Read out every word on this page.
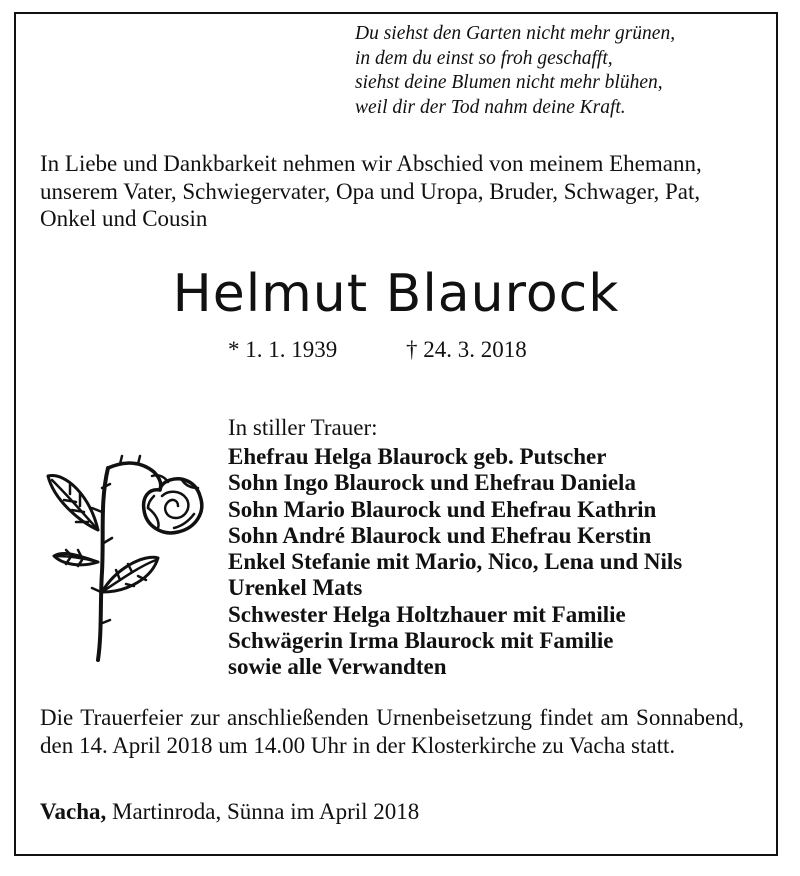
Du siehst den Garten nicht mehr grünen,
in dem du einst so froh geschafft,
siehst deine Blumen nicht mehr blühen,
weil dir der Tod nahm deine Kraft.
In Liebe und Dankbarkeit nehmen wir Abschied von meinem Ehemann, unserem Vater, Schwiegervater, Opa und Uropa, Bruder, Schwager, Pat, Onkel und Cousin
Helmut Blaurock
* 1. 1. 1939	† 24. 3. 2018
In stiller Trauer:
Ehefrau Helga Blaurock geb. Putscher
Sohn Ingo Blaurock und Ehefrau Daniela
Sohn Mario Blaurock und Ehefrau Kathrin
Sohn André Blaurock und Ehefrau Kerstin
Enkel Stefanie mit Mario, Nico, Lena und Nils
Urenkel Mats
Schwester Helga Holtzhauer mit Familie
Schwägerin Irma Blaurock mit Familie
sowie alle Verwandten
Die Trauerfeier zur anschließenden Urnenbeisetzung findet am Sonnabend, den 14. April 2018 um 14.00 Uhr in der Klosterkirche zu Vacha statt.
Vacha, Martinroda, Sünna im April 2018
